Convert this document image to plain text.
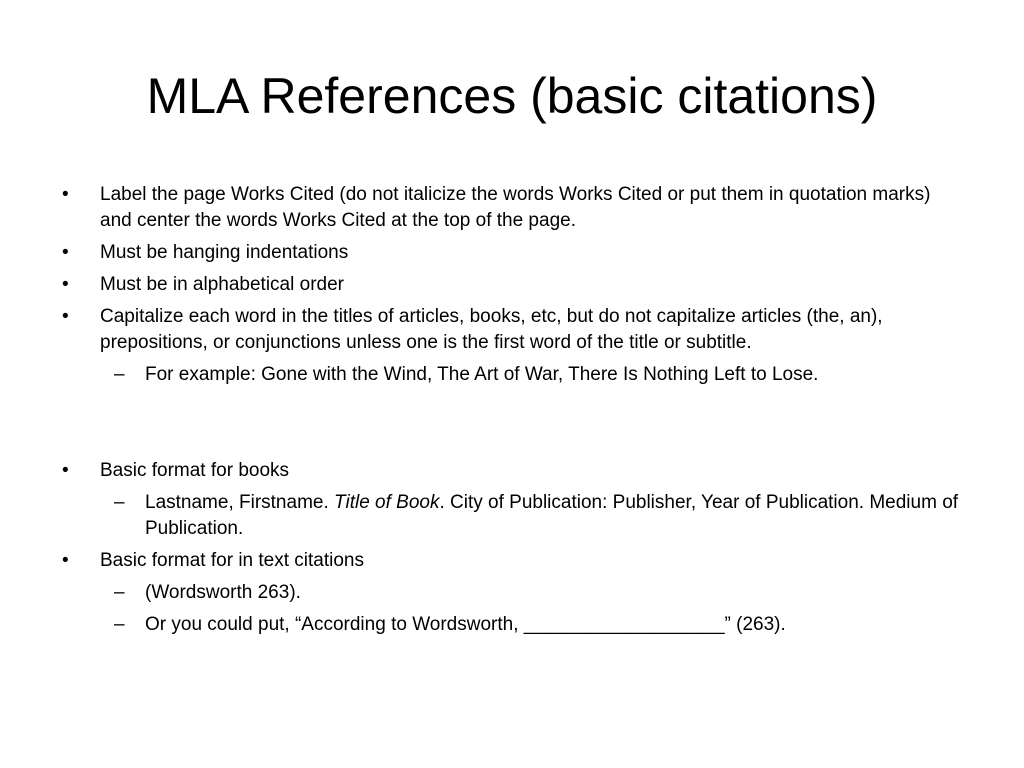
MLA References (basic citations)
• Label the page Works Cited (do not italicize the words Works Cited or put them in quotation marks) and center the words Works Cited at the top of the page.
• Must be hanging indentations
• Must be in alphabetical order
• Capitalize each word in the titles of articles, books, etc, but do not capitalize articles (the, an), prepositions, or conjunctions unless one is the first word of the title or subtitle.
– For example: Gone with the Wind, The Art of War, There Is Nothing Left to Lose.
• Basic format for books
– Lastname, Firstname. Title of Book. City of Publication: Publisher, Year of Publication. Medium of Publication.
• Basic format for in text citations
– (Wordsworth 263).
– Or you could put, “According to Wordsworth, ___________________” (263).
